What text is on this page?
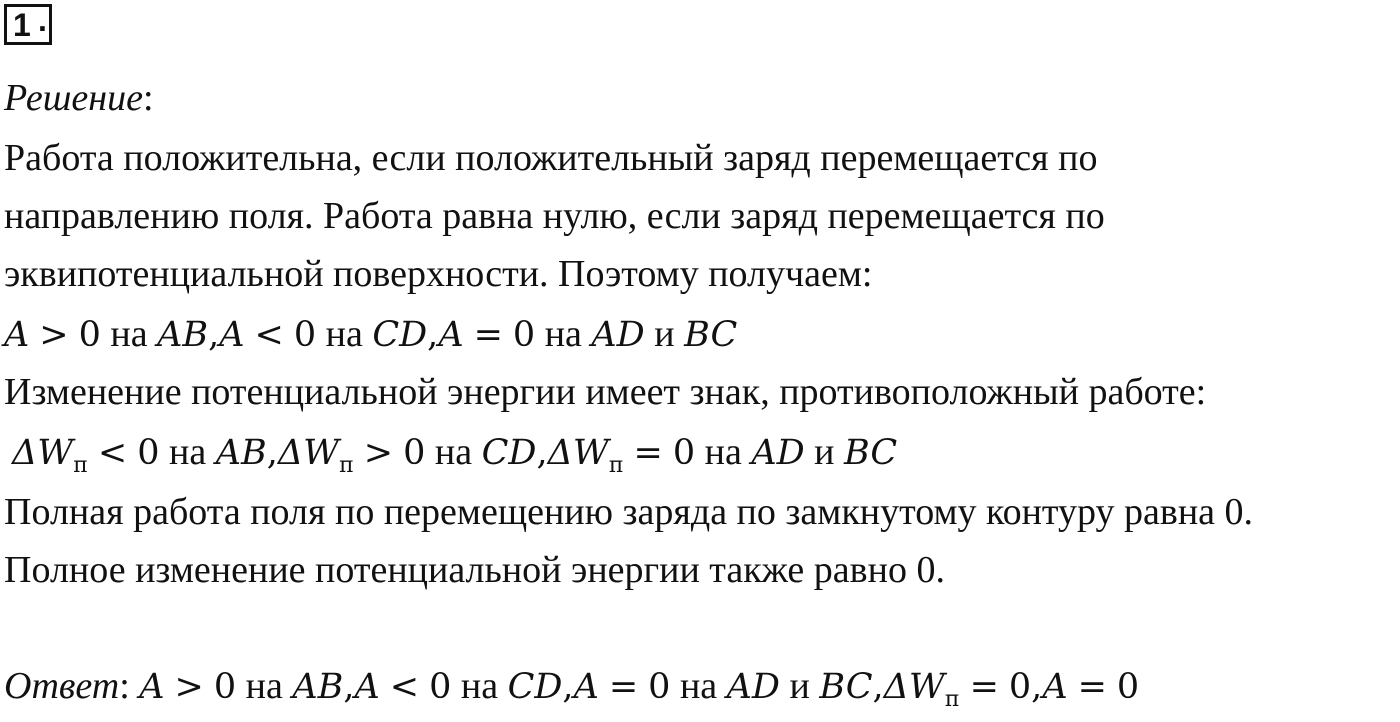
1 .
Решение:
Работа положительна, если положительный заряд перемещается по
направлению поля. Работа равна нулю, если заряд перемещается по
эквипотенциальной поверхности. Поэтому получаем:
A > 0 на AB,A < 0 на CD,A = 0 на AD и BC
Изменение потенциальной энергии имеет знак, противоположный работе:
$\Delta W_п < 0$ на $AB,\Delta W_п > 0$ на $CD,\Delta W_п = 0$ на AD и BC
Полная работа поля по перемещению заряда по замкнутому контуру равна 0.
Полное изменение потенциальной энергии также равно 0.
Ответ: A > 0 на AB,A < 0 на CD,A = 0 на AD и $BC,\Delta W_п = 0,A = 0$
